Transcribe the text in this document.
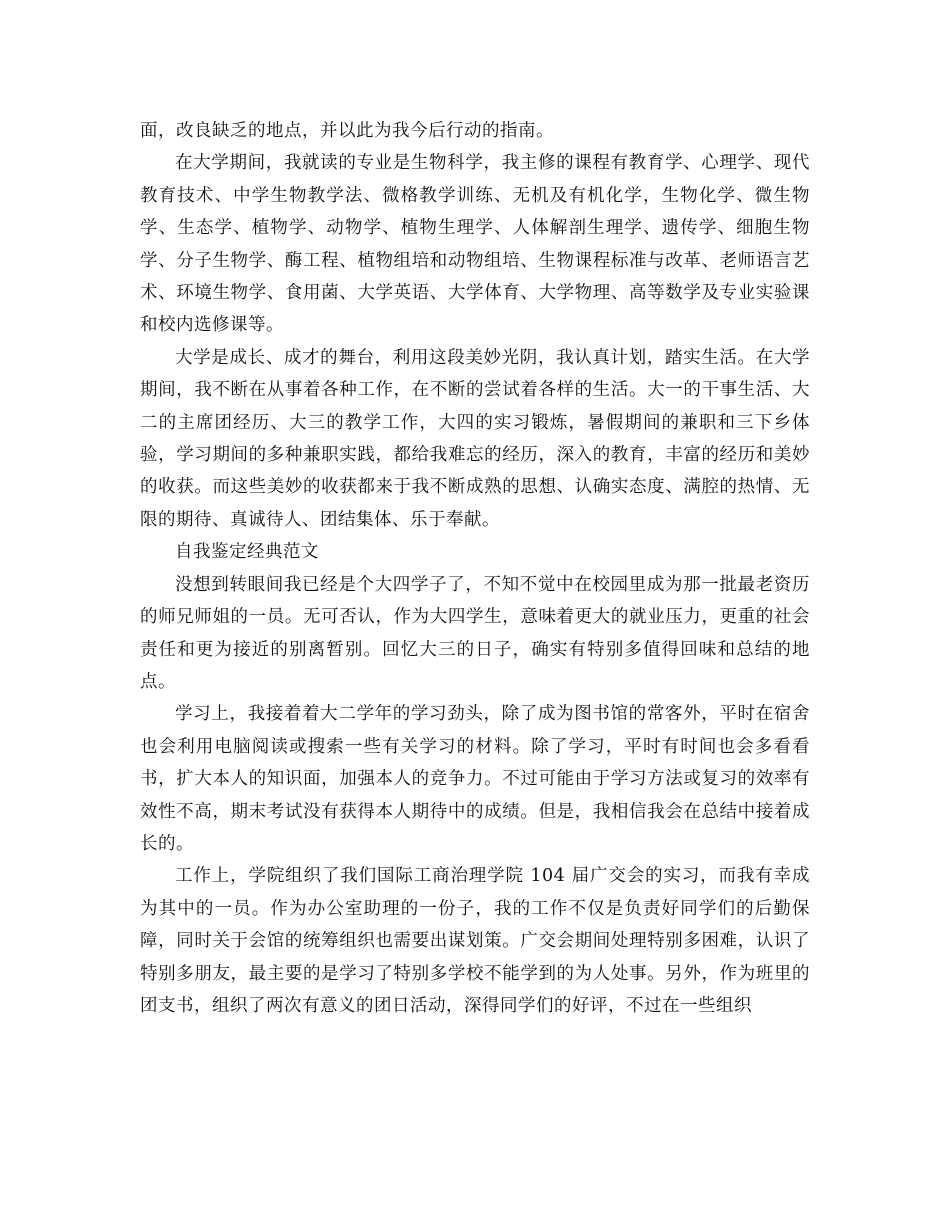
面，改良缺乏的地点，并以此为我今后行动的指南。

在大学期间，我就读的专业是生物科学，我主修的课程有教育学、心理学、现代教育技术、中学生物教学法、微格教学训练、无机及有机化学，生物化学、微生物学、生态学、植物学、动物学、植物生理学、人体解剖生理学、遗传学、细胞生物学、分子生物学、酶工程、植物组培和动物组培、生物课程标准与改革、老师语言艺术、环境生物学、食用菌、大学英语、大学体育、大学物理、高等数学及专业实验课和校内选修课等。

大学是成长、成才的舞台，利用这段美妙光阴，我认真计划，踏实生活。在大学期间，我不断在从事着各种工作，在不断的尝试着各样的生活。大一的干事生活、大二的主席团经历、大三的教学工作，大四的实习锻炼，暑假期间的兼职和三下乡体验，学习期间的多种兼职实践，都给我难忘的经历，深入的教育，丰富的经历和美妙的收获。而这些美妙的收获都来于我不断成熟的思想、认确实态度、满腔的热情、无限的期待、真诚待人、团结集体、乐于奉献。

自我鉴定经典范文

没想到转眼间我已经是个大四学子了，不知不觉中在校园里成为那一批最老资历的师兄师姐的一员。无可否认，作为大四学生，意味着更大的就业压力，更重的社会责任和更为接近的别离暂别。回忆大三的日子，确实有特别多值得回味和总结的地点。

学习上，我接着着大二学年的学习劲头，除了成为图书馆的常客外，平时在宿舍也会利用电脑阅读或搜索一些有关学习的材料。除了学习，平时有时间也会多看看书，扩大本人的知识面，加强本人的竞争力。不过可能由于学习方法或复习的效率有效性不高，期末考试没有获得本人期待中的成绩。但是，我相信我会在总结中接着成长的。

工作上，学院组织了我们国际工商治理学院 104 届广交会的实习，而我有幸成为其中的一员。作为办公室助理的一份子，我的工作不仅是负责好同学们的后勤保障，同时关于会馆的统筹组织也需要出谋划策。广交会期间处理特别多困难，认识了特别多朋友，最主要的是学习了特别多学校不能学到的为人处事。另外，作为班里的团支书，组织了两次有意义的团日活动，深得同学们的好评，不过在一些组织
